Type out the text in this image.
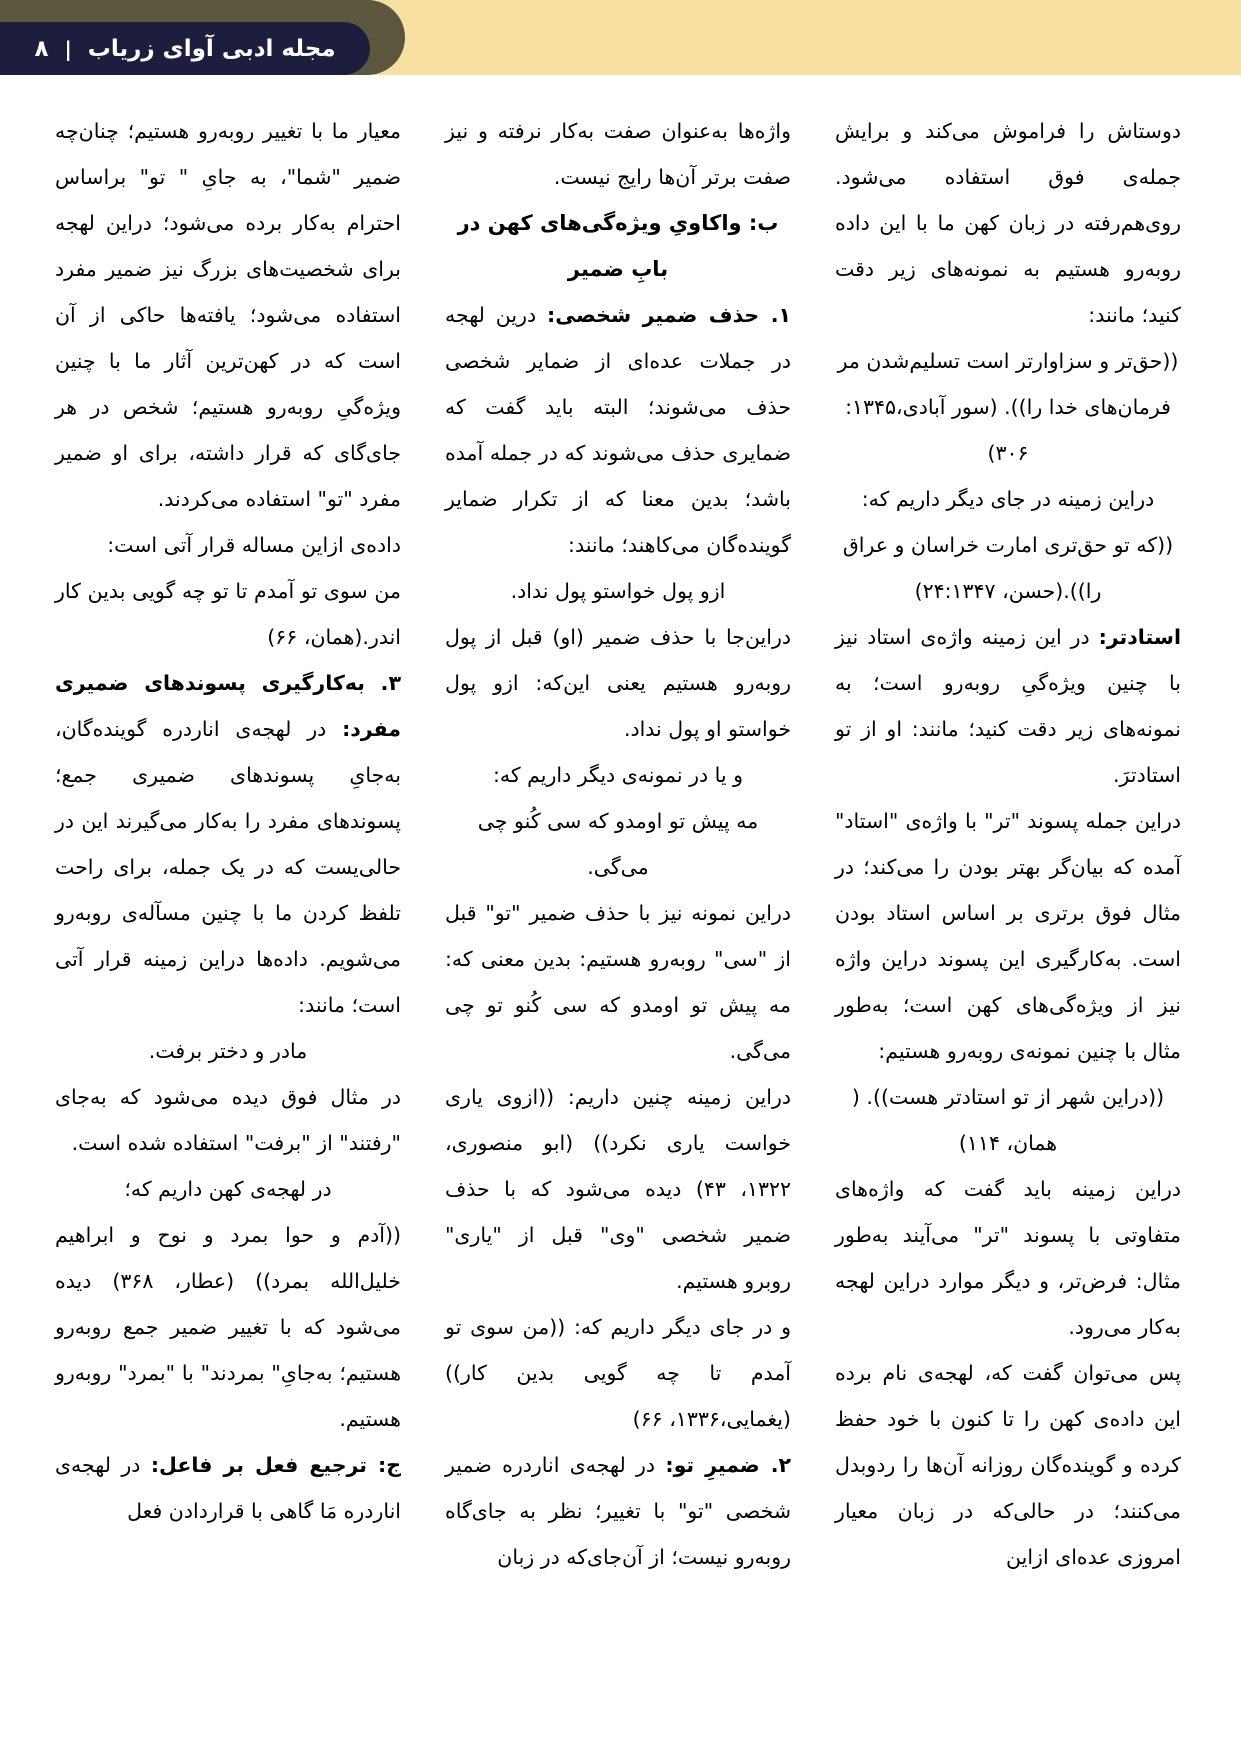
مجله ادبی آوای زریاب
|
۸

دوستاش را فراموش می‌کند و برایش جمله‌ی فوق استفاده می‌شود. روی‌هم‌رفته در زبان کهن ما با این داده روبه‌رو هستیم به نمونه‌های زیر دقت کنید؛ مانند:

((حق‌تر و سزاوارتر است تسلیم‌شدن مر فرمان‌های خدا را)). (سور آبادی،۱۳۴۵: ۳۰۶)

دراین زمینه در جای دیگر داریم که:

((که تو حق‌تری امارت خراسان و عراق را)).(حسن، ۲۴:۱۳۴۷)

استادتر: در این زمینه واژه‌ی استاد نیز با چنین ویژه‌گیِ روبه‌رو است؛ به نمونه‌های زیر دقت کنید؛ مانند: او از تو استادترَ.

دراین جمله پسوند "تر" با واژه‌ی "استاد" آمده که بیان‌گر بهتر بودن را می‌کند؛ در مثال فوق برتری بر اساس استاد بودن است. به‌کارگیری این پسوند دراین واژه نیز از ویژه‌گی‌های کهن است؛ به‌طور مثال با چنین نمونه‌ی روبه‌رو هستیم:

((دراین شهر از تو استادتر هست)). ( همان، ۱۱۴)

دراین زمینه باید گفت که واژه‌های متفاوتی با پسوند "تر" می‌آیند به‌طور مثال: فرض‌تر، و دیگر موارد دراین لهجه به‌کار می‌رود.

پس می‌توان گفت که، لهجه‌ی نام برده این داده‌ی کهن را تا کنون با خود حفظ کرده و گوینده‌گان روزانه آن‌ها را ردوبدل می‌کنند؛ در حالی‌که در زبان معیار امروزی عده‌ای ازاین

واژه‌ها به‌عنوان صفت به‌کار نرفته و نیز صفت برتر آن‌ها رایج نیست.

ب: واکاویِ ویژه‌گی‌های کهن در بابِ ضمیر

۱. حذف ضمیر شخصی: درین لهجه در جملات عده‌ای از ضمایر شخصی حذف می‌شوند؛ البته باید گفت که ضمایری حذف می‌شوند که در جمله آمده باشد؛ بدین معنا که از تکرار ضمایر گوینده‌گان می‌کاهند؛ مانند:

ازو پول خواستو پول نداد.

دراین‌جا با حذف ضمیر (او) قبل از پول روبه‌رو هستیم یعنی این‌که: ازو پول خواستو او پول نداد.

و یا در نمونه‌ی دیگر داریم که:

مه پیش تو اومدو که سی کُنو چی می‌گی.

دراین نمونه نیز با حذف ضمیر "تو" قبل از "سی" روبه‌رو هستیم: بدین معنی که: مه پیش تو اومدو که سی کُنو تو چی می‌گی.

دراین زمینه چنین داریم: ((ازوی یاری خواست یاری نکرد)) (ابو منصوری، ۱۳۲۲، ۴۳) دیده می‌شود که با حذف ضمیر شخصی "وی" قبل از "یاری" روبرو هستیم.

و در جای دیگر داریم که: ((من سوی تو آمدم تا چه گویی بدین کار)) (یغمایی،۱۳۳۶، ۶۶)

۲. ضمیرِ تو: در لهجه‌ی اناردره ضمیر شخصی "تو" با تغییر؛ نظر به جای‌گاه روبه‌رو نیست؛ از آن‌جای‌که در زبان

معیار ما با تغییر روبه‌رو هستیم؛ چنان‌چه ضمیر "شما"، به جایِ " تو" براساس احترام به‌کار برده می‌شود؛ دراین لهجه برای شخصیت‌های بزرگ نیز ضمیر مفرد استفاده می‌شود؛ یافته‌ها حاکی از آن است که در کهن‌ترین آثار ما با چنین ویژه‌گیِ روبه‌رو هستیم؛ شخص در هر جای‌گای که قرار داشته، برای او ضمیر مفرد "تو" استفاده می‌کردند.

داده‌ی ازاین مساله قرار آتی است:

من سوی تو آمدم تا تو چه گویی بدین کار اندر.(همان، ۶۶)

۳. به‌کارگیری پسوندهای ضمیری مفرد: در لهجه‌ی اناردره گوینده‌گان، به‌جایِ پسوندهای ضمیری جمع؛ پسوندهای مفرد را به‌کار می‌گیرند این در حالی‌یست که در یک جمله، برای راحت تلفظ کردن ما با چنین مسآله‌ی روبه‌رو می‌شویم. داده‌ها دراین زمینه قرار آتی است؛ مانند:

مادر و دختر برفت.

در مثال فوق دیده می‌شود که به‌جای "رفتند" از "برفت" استفاده شده است.

در لهجه‌ی کهن داریم که؛

((آدم و حوا بمرد و نوح و ابراهیم خلیل‌الله بمرد)) (عطار، ۳۶۸) دیده می‌شود که با تغییر ضمیر جمع روبه‌رو هستیم؛ به‌جایِ" بمردند" با "بمرد" روبه‌رو هستیم.

ج: ترجیع فعل بر فاعل: در لهجه‌ی اناردره مَا گاهی با قراردادن فعل
